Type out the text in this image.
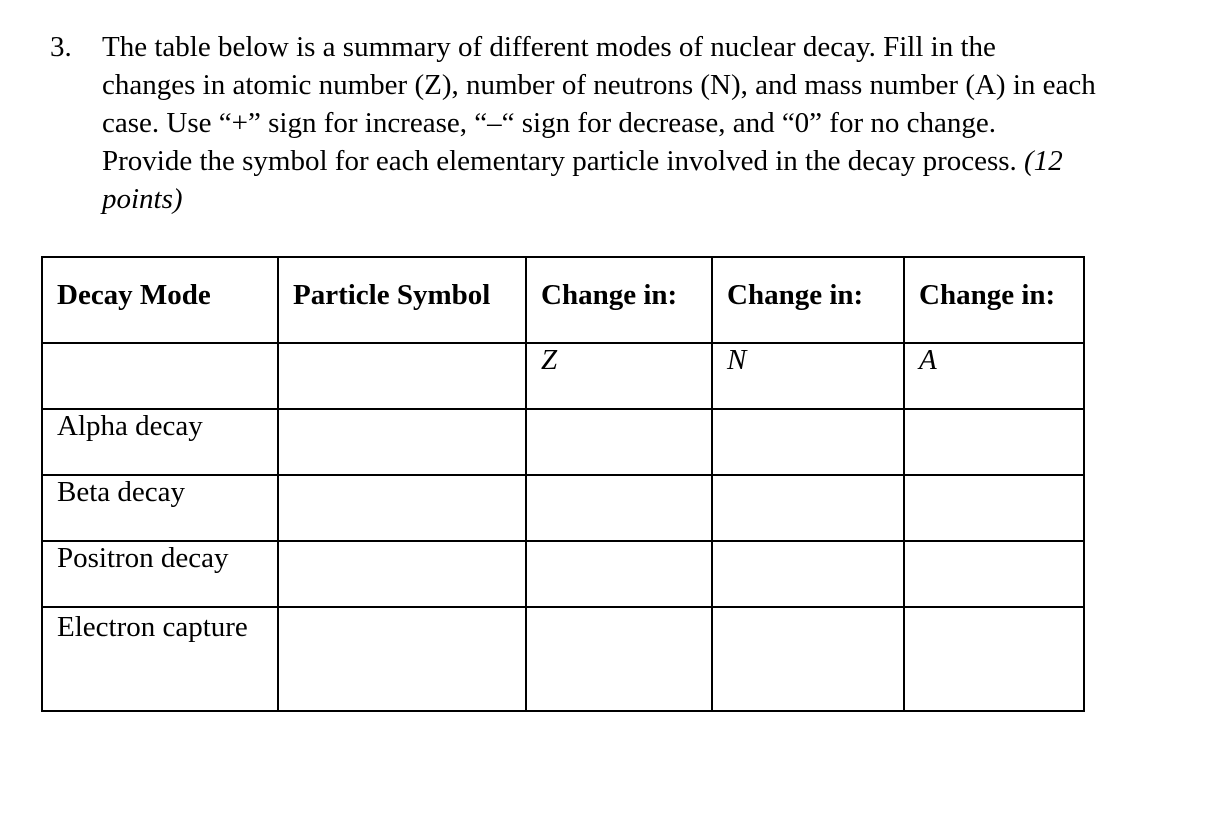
3.	The table below is a summary of different modes of nuclear decay. Fill in the
changes in atomic number (Z), number of neutrons (N), and mass number (A) in each
case. Use “+” sign for increase, “–“ sign for decrease, and “0” for no change.
Provide the symbol for each elementary particle involved in the decay process. (12
points)
Decay Mode	Particle Symbol	Change in:	Change in:	Change in:
		Z	N	A
Alpha decay				
Beta decay				
Positron decay				
Electron capture				
